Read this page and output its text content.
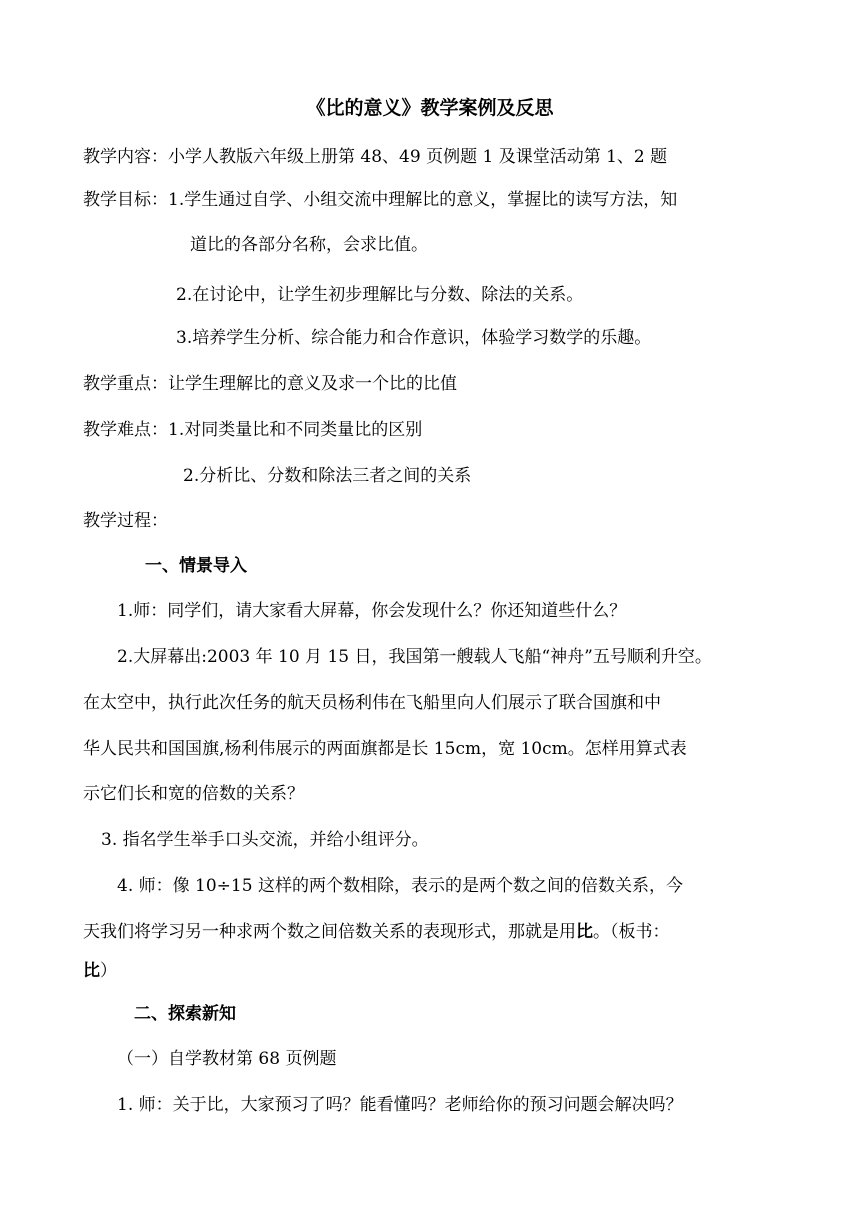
《比的意义》教学案例及反思
教学内容：小学人教版六年级上册第 48、49 页例题 1 及课堂活动第 1、2 题
教学目标：1.学生通过自学、小组交流中理解比的意义，掌握比的读写方法，知
道比的各部分名称，会求比值。
2.在讨论中，让学生初步理解比与分数、除法的关系。
3.培养学生分析、综合能力和合作意识，体验学习数学的乐趣。
教学重点：让学生理解比的意义及求一个比的比值
教学难点：1.对同类量比和不同类量比的区别
2.分析比、分数和除法三者之间的关系
教学过程：
一、情景导入
1.师：同学们，请大家看大屏幕，你会发现什么？你还知道些什么？
2.大屏幕出:2003 年 10 月 15 日，我国第一艘载人飞船“神舟”五号顺利升空。
在太空中，执行此次任务的航天员杨利伟在飞船里向人们展示了联合国旗和中
华人民共和国国旗,杨利伟展示的两面旗都是长 15cm，宽 10cm。怎样用算式表
示它们长和宽的倍数的关系？
3. 指名学生举手口头交流，并给小组评分。
4. 师：像 10÷15 这样的两个数相除，表示的是两个数之间的倍数关系，今
天我们将学习另一种求两个数之间倍数关系的表现形式，那就是用比。（板书：
比）
二、探索新知
（一）自学教材第 68 页例题
1. 师：关于比，大家预习了吗？能看懂吗？老师给你的预习问题会解决吗？
